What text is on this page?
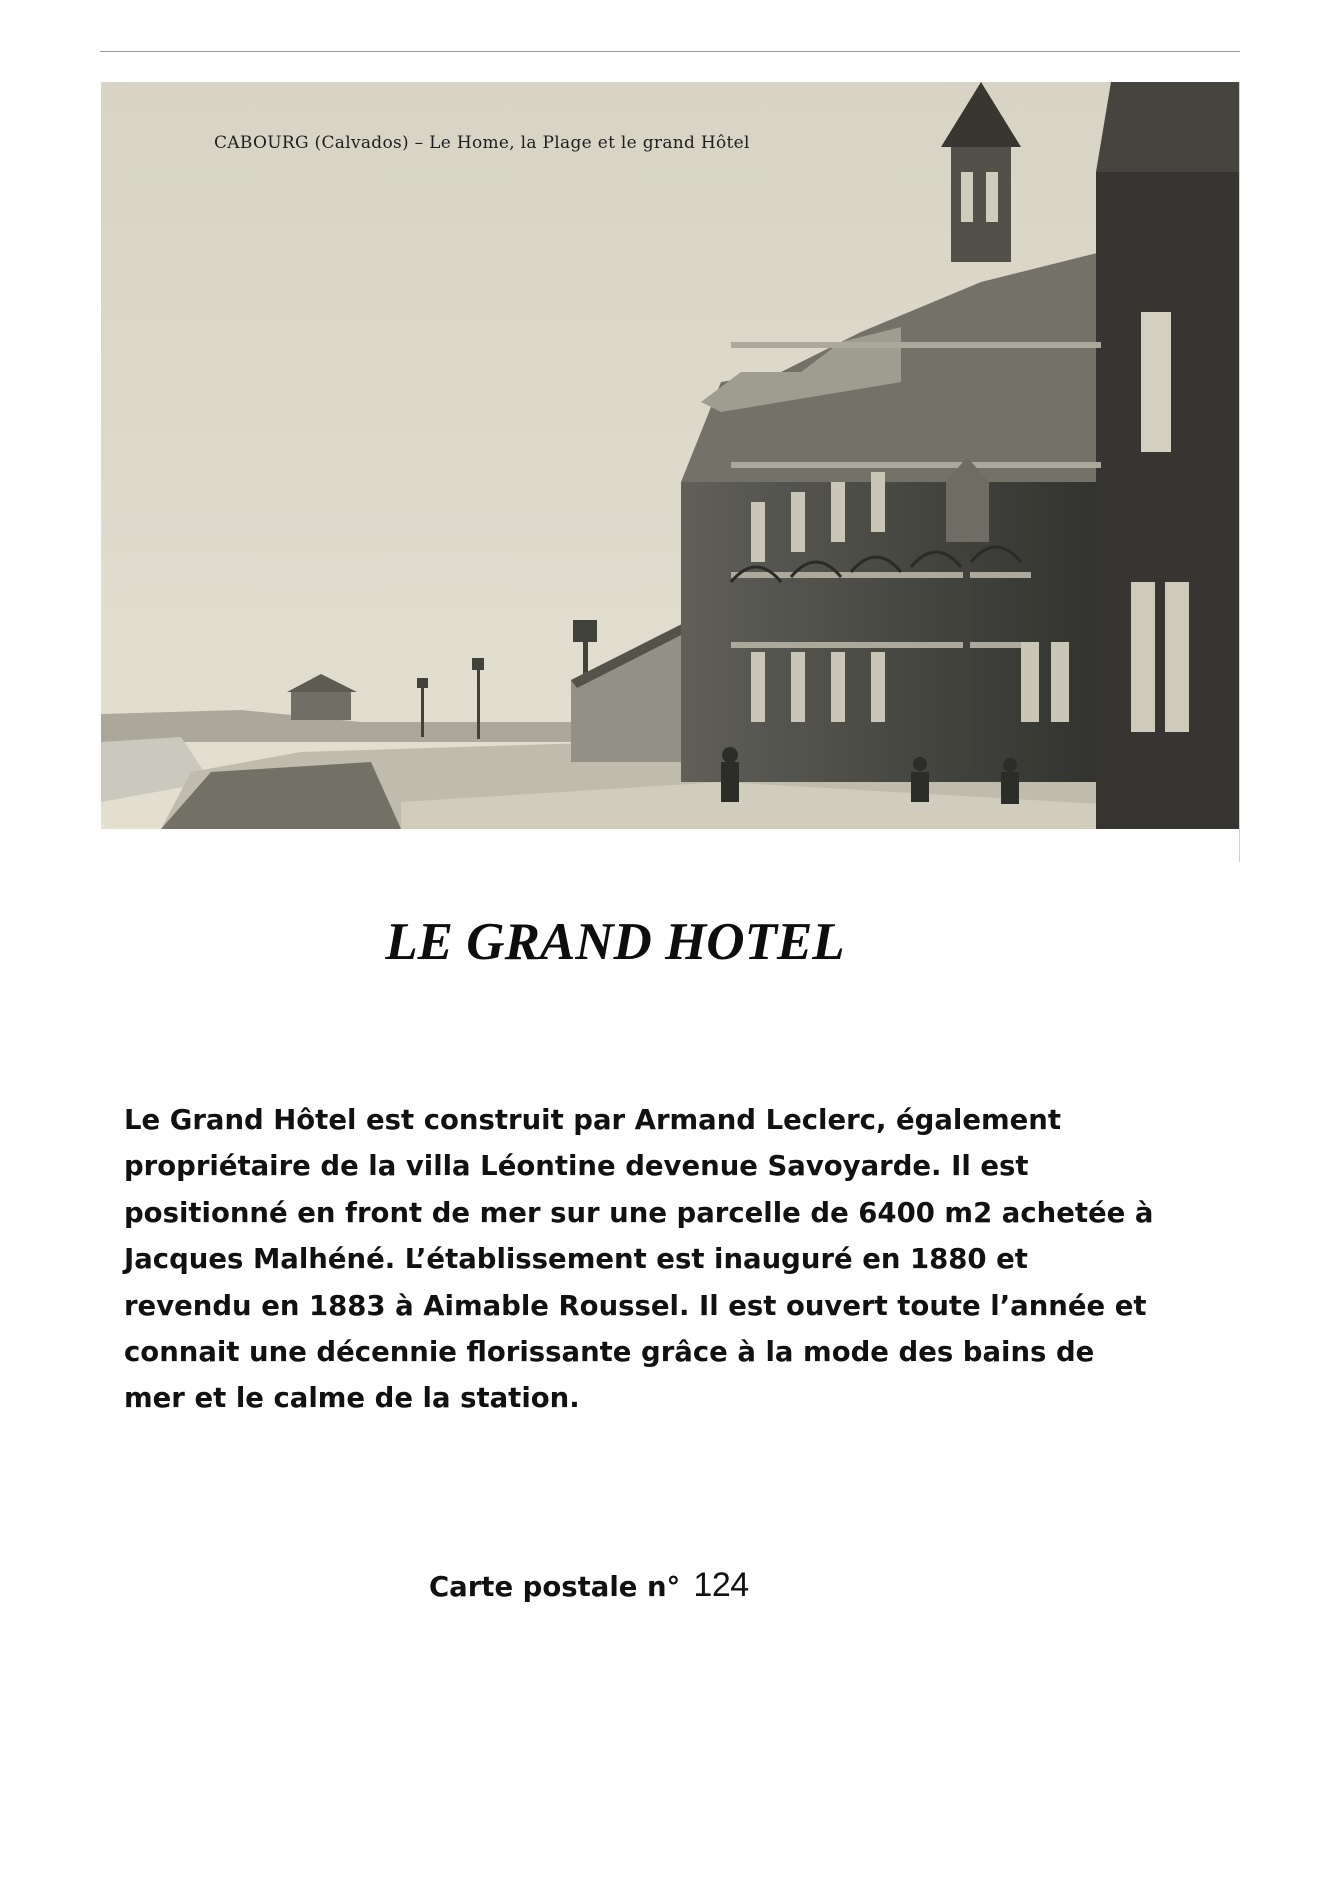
CABOURG (Calvados) – Le Home, la Plage et le grand Hôtel
LE GRAND HOTEL

Le Grand Hôtel est construit par Armand Leclerc, également
propriétaire de la villa Léontine devenue Savoyarde. Il est
positionné en front de mer sur une parcelle de 6400 m2 achetée à
Jacques Malhéné. L’établissement est inauguré en 1880 et
revendu en 1883 à Aimable Roussel. Il est ouvert toute l’année et
connait une décennie florissante grâce à la mode des bains de
mer et le calme de la station.

Carte postale n° 124
